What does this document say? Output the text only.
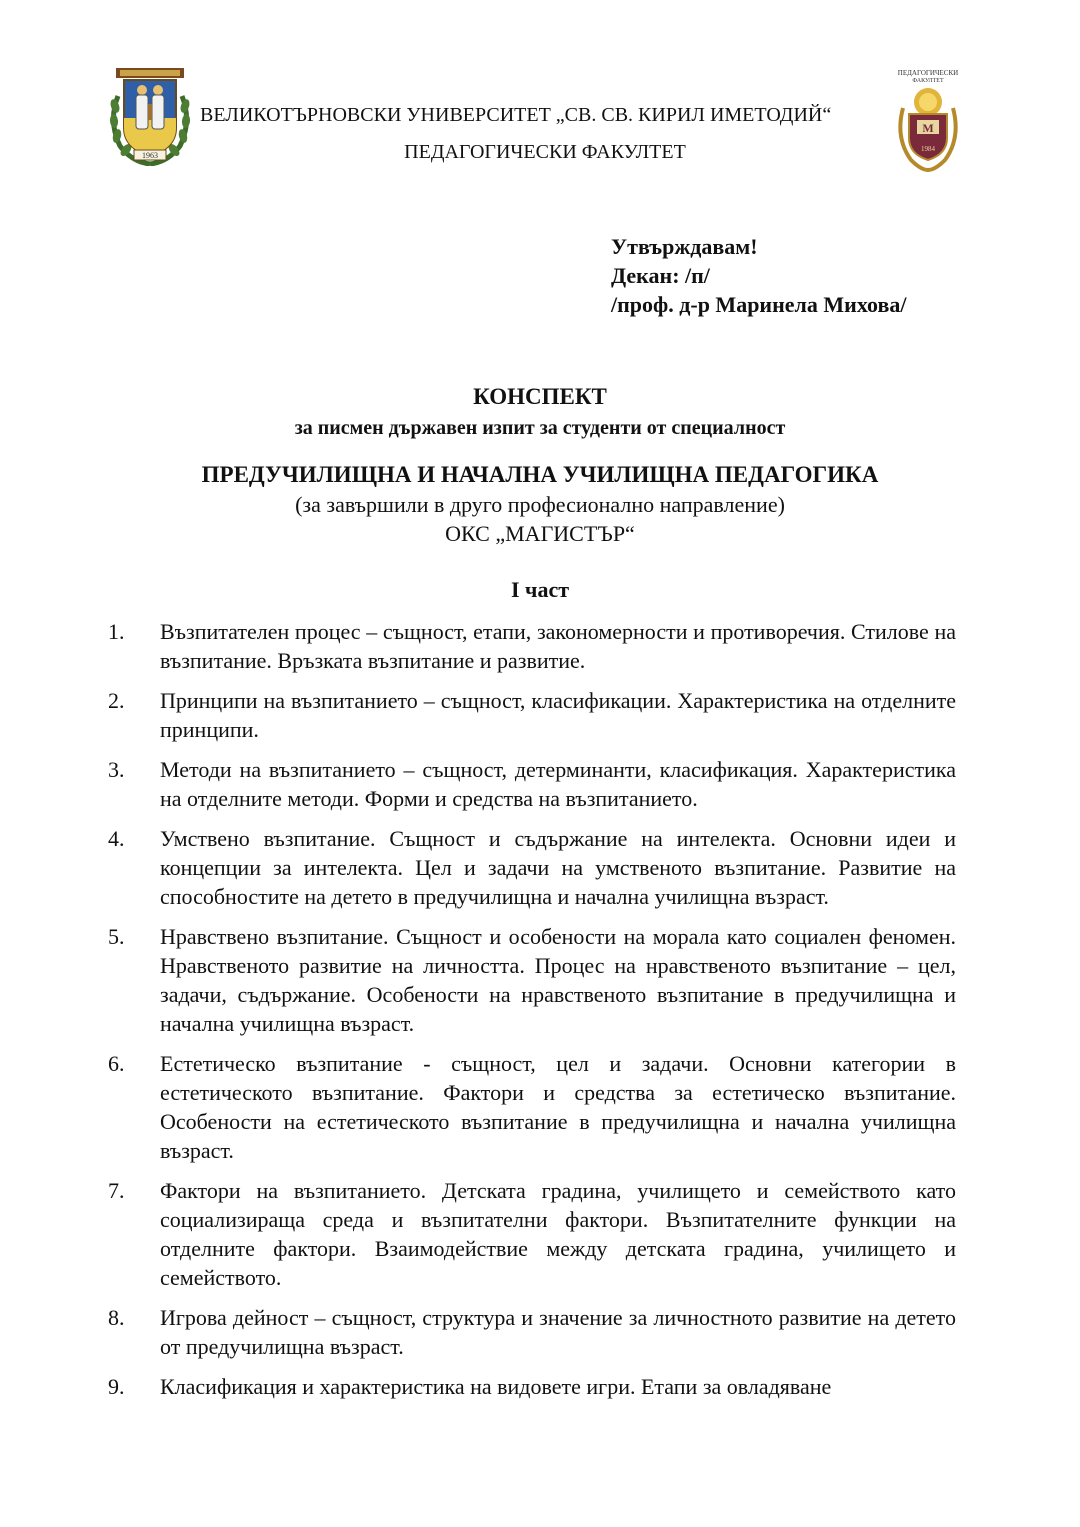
1963
ВЕЛИКОТЪРНОВСКИ УНИВЕРСИТЕТ „СВ. СВ. КИРИЛ ИМЕТОДИЙ“
ПЕДАГОГИЧЕСКИ ФАКУЛТЕТ
ПЕДАГОГИЧЕСКИ
ФАКУЛТЕТ
М
1984
Утвърждавам!
Декан: /п/
/проф. д-р Маринела Михова/
КОНСПЕКТ
за писмен държавен изпит за студенти от специалност
ПРЕДУЧИЛИЩНА И НАЧАЛНА УЧИЛИЩНА ПЕДАГОГИКА
(за завършили в друго професионално направление)
ОКС „МАГИСТЪР“
I част
1.	Възпитателен процес – същност, етапи, закономерности и противоречия. Стилове на възпитание. Връзката възпитание и развитие.
2.	Принципи на възпитанието – същност, класификации. Характеристика на отделните принципи.
3.	Методи на възпитанието – същност, детерминанти, класификация. Характеристика на отделните методи. Форми и средства на възпитанието.
4.	Умствено възпитание. Същност и съдържание на интелекта. Основни идеи и концепции за интелекта. Цел и задачи на умственото възпитание. Развитие на способностите на детето в предучилищна и начална училищна възраст.
5.	Нравствено възпитание. Същност и особености на морала като социален феномен. Нравственото развитие на личността. Процес на нравственото възпитание – цел, задачи, съдържание. Особености на нравственото възпитание в предучилищна и начална училищна възраст.
6.	Естетическо възпитание - същност, цел и задачи. Основни категории в естетическото възпитание. Фактори и средства за естетическо възпитание. Особености на естетическото възпитание в предучилищна и начална училищна възраст.
7.	Фактори на възпитанието. Детската градина, училището и семейството като социализираща среда и възпитателни фактори. Възпитателните функции на отделните фактори. Взаимодействие между детската градина, училището и семейството.
8.	Игрова дейност – същност, структура и значение за личностното развитие на детето от предучилищна възраст.
9.	Класификация и характеристика на видовете игри. Етапи за овладяване
